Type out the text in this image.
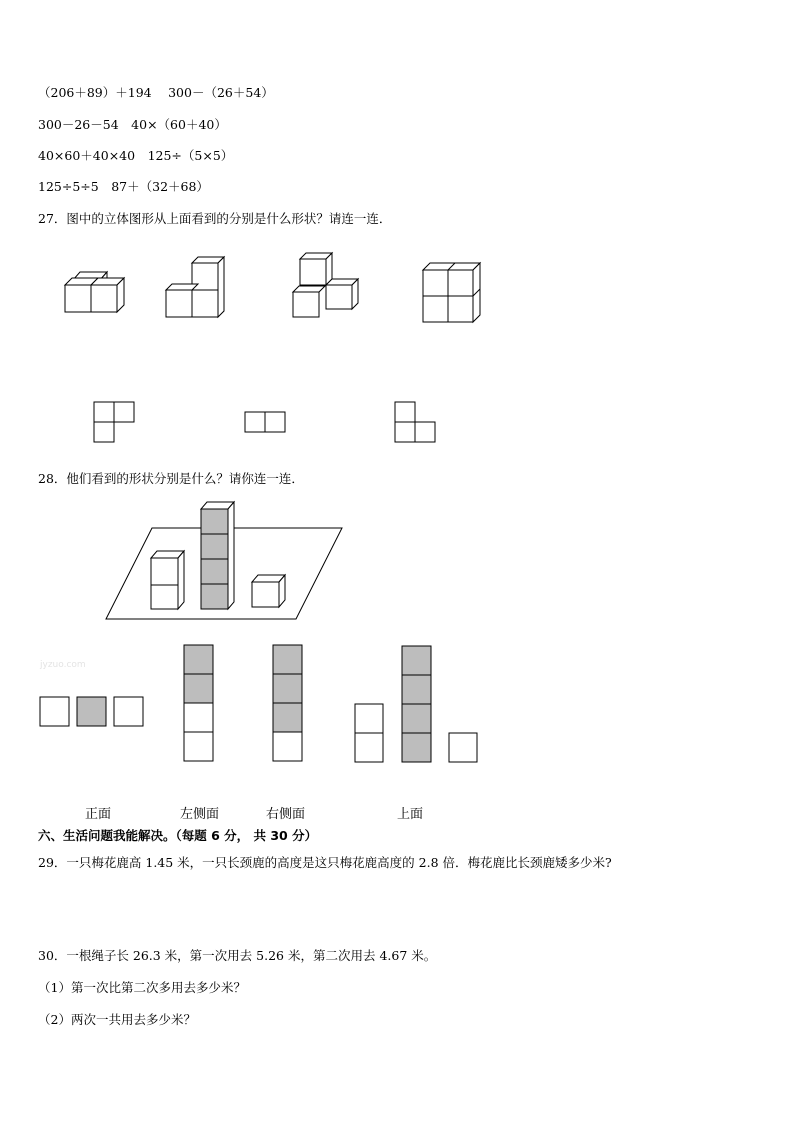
（206＋89）＋194　 300－（26＋54）
300－26－54　40×（60＋40）
40×60＋40×40　125÷（5×5）
125÷5÷5　87＋（32＋68）
27．图中的立体图形从上面看到的分别是什么形状？请连一连．
28．他们看到的形状分别是什么？请你连一连．
jyzuo.com
正面	左侧面	右侧面	上面
六、生活问题我能解决。（每题 6 分， 共 30 分）
29．一只梅花鹿高 1.45 米，一只长颈鹿的高度是这只梅花鹿高度的 2.8 倍．梅花鹿比长颈鹿矮多少米?
30．一根绳子长 26.3 米，第一次用去 5.26 米，第二次用去 4.67 米。
（1）第一次比第二次多用去多少米？
（2）两次一共用去多少米？
